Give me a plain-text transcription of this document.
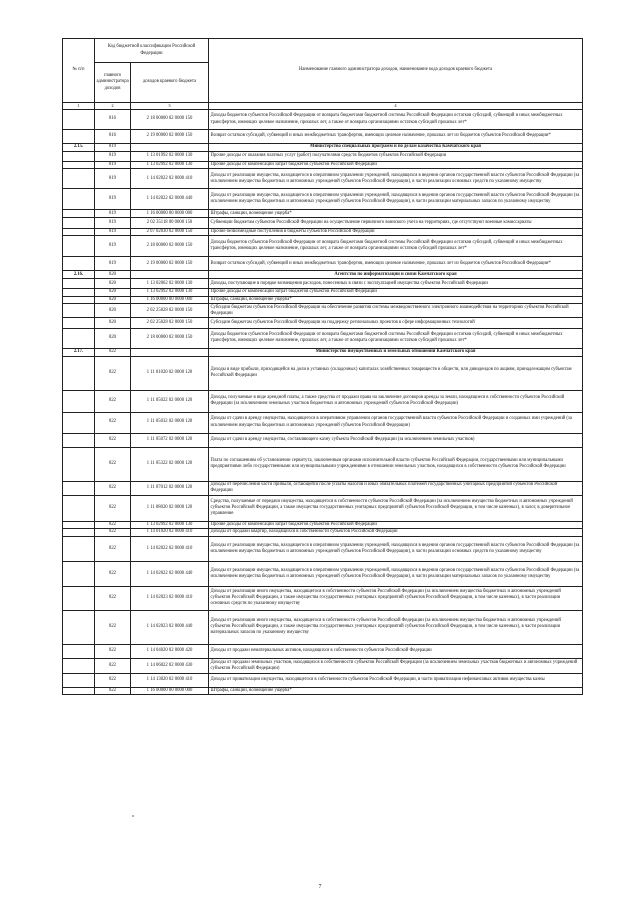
№ п/п	Код бюджетной классификации Российской Федерации		Наименование главного администратора доходов, наименование кода доходов краевого бюджета
	главного администратора доходов	доходов краевого бюджета	
1	2	3	4
	816	2 18 00000 02 0000 150	Доходы бюджетов субъектов Российской Федерации от возврата бюджетами бюджетной системы Российской Федерации остатков субсидий, субвенций и иных межбюджетных трансфертов, имеющих целевое назначение, прошлых лет, а также от возврата организациями остатков субсидий прошлых лет*
	816	2 19 00000 02 0000 150	Возврат остатков субсидий, субвенций и иных межбюджетных трансфертов, имеющих целевое назначение, прошлых лет из бюджетов субъектов Российской Федерации*
2.15.	819		Министерство специальных программ и по делам казачества Камчатского края
	819	1 13 01992 02 0000 130	Прочие доходы от оказания платных услуг (работ) получателями средств бюджетов субъектов Российской Федерации
	819	1 13 02992 02 0000 130	Прочие доходы от компенсации затрат бюджетов субъектов Российской Федерации
	819	1 14 02022 02 0000 410	Доходы от реализации имущества, находящегося в оперативном управлении учреждений, находящихся в ведении органов государственной власти субъектов Российской Федерации (за исключением имущества бюджетных и автономных учреждений субъектов Российской Федерации), в части реализации основных средств по указанному имуществу
	819	1 14 02022 02 0000 440	Доходы от реализации имущества, находящегося в оперативном управлении учреждений, находящихся в ведении органов государственной власти субъектов Российской Федерации (за исключением имущества бюджетных и автономных учреждений субъектов Российской Федерации), в части реализации материальных запасов по указанному имуществу
	819	1 16 00000 00 0000 000	Штрафы, санкции, возмещение ущерба*
	819	2 02 35118 00 0000 150	Субвенции бюджетам субъектов Российской Федерации на осуществление первичного воинского учета на территориях, где отсутствуют военные комиссариаты
	819	2 07 02030 02 0000 150	Прочие безвозмездные поступления в бюджеты субъектов Российской Федерации
	819	2 18 00000 02 0000 150	Доходы бюджетов субъектов Российской Федерации от возврата бюджетами бюджетной системы Российской Федерации остатков субсидий, субвенций и иных межбюджетных трансфертов, имеющих целевое назначение, прошлых лет, а также от возврата организациями остатков субсидий прошлых лет*
	819	2 19 00000 02 0000 150	Возврат остатков субсидий, субвенций и иных межбюджетных трансфертов, имеющих целевое назначение, прошлых лет из бюджетов субъектов Российской Федерации*
2.16.	820		Агентство по информатизации и связи Камчатского края
	820	1 13 02062 02 0000 130	Доходы, поступающие в порядке возмещения расходов, понесенных в связи с эксплуатацией имущества субъектов Российской Федерации
	820	1 13 02992 02 0000 130	Прочие доходы от компенсации затрат бюджетов субъектов Российской Федерации
	820	1 16 00000 00 0000 000	Штрафы, санкции, возмещение ущерба*
	820	2 02 25028 02 0000 150	Субсидии бюджетам субъектов Российской Федерации на обеспечение развития системы межведомственного электронного взаимодействия на территориях субъектов Российской Федерации
	820	2 02 25028 02 0000 150	Субсидии бюджетам субъектов Российской Федерации на поддержку региональных проектов в сфере информационных технологий
	820	2 18 00000 02 0000 150	Доходы бюджетов субъектов Российской Федерации от возврата бюджетами бюджетной системы Российской Федерации остатков субсидий, субвенций и иных межбюджетных трансфертов, имеющих целевое назначение, прошлых лет, а также от возврата организациями остатков субсидий прошлых лет*
2.17.	822		Министерство имущественных и земельных отношений Камчатского края
	822	1 11 01020 02 0000 120	Доходы в виде прибыли, приходящейся на доли в уставных (складочных) капиталах хозяйственных товариществ и обществ, или дивидендов по акциям, принадлежащим субъектам Российской Федерации
	822	1 11 05022 02 0000 120	Доходы, получаемые в виде арендной платы, а также средства от продажи права на заключение договоров аренды за земли, находящиеся в собственности субъектов Российской Федерации (за исключением земельных участков бюджетных и автономных учреждений субъектов Российской Федерации)
	822	1 11 05032 02 0000 120	Доходы от сдачи в аренду имущества, находящегося в оперативном управлении органов государственной власти субъектов Российской Федерации и созданных ими учреждений (за исключением имущества бюджетных и автономных учреждений субъектов Российской Федерации)
	822	1 11 05072 02 0000 120	Доходы от сдачи в аренду имущества, составляющего казну субъекта Российской Федерации (за исключением земельных участков)
	822	1 11 05322 02 0000 120	Плата по соглашениям об установлении сервитута, заключенным органами исполнительной власти субъектов Российской Федерации, государственными или муниципальными предприятиями либо государственными или муниципальными учреждениями в отношении земельных участков, находящихся в собственности субъектов Российской Федерации
	822	1 11 07012 02 0000 120	Доходы от перечисления части прибыли, остающейся после уплаты налогов и иных обязательных платежей государственных унитарных предприятий субъектов Российской Федерации
	822	1 11 08020 02 0000 120	Средства, получаемые от передачи имущества, находящегося в собственности субъектов Российской Федерации (за исключением имущества бюджетных и автономных учреждений субъектов Российской Федерации, а также имущества государственных унитарных предприятий субъектов Российской Федерации, в том числе казенных), в залог, в доверительное управление
	822	1 13 02992 02 0000 130	Прочие доходы от компенсации затрат бюджетов субъектов Российской Федерации
	822	1 14 01020 02 0000 410	Доходы от продажи квартир, находящихся в собственности субъектов Российской Федерации
	822	1 14 02022 02 0000 410	Доходы от реализации имущества, находящегося в оперативном управлении учреждений, находящихся в ведении органов государственной власти субъектов Российской Федерации (за исключением имущества бюджетных и автономных учреждений субъектов Российской Федерации), в части реализации основных средств по указанному имуществу
	822	1 14 02022 02 0000 440	Доходы от реализации имущества, находящегося в оперативном управлении учреждений, находящихся в ведении органов государственной власти субъектов Российской Федерации (за исключением имущества бюджетных и автономных учреждений субъектов Российской Федерации), в части реализации материальных запасов по указанному имуществу
	822	1 14 02023 02 0000 410	Доходы от реализации иного имущества, находящегося в собственности субъектов Российской Федерации (за исключением имущества бюджетных и автономных учреждений субъектов Российской Федерации, а также имущества государственных унитарных предприятий субъектов Российской Федерации, в том числе казенных), в части реализации основных средств по указанному имуществу
	822	1 14 02023 02 0000 440	Доходы от реализации иного имущества, находящегося в собственности субъектов Российской Федерации (за исключением имущества бюджетных и автономных учреждений субъектов Российской Федерации, а также имущества государственных унитарных предприятий субъектов Российской Федерации, в том числе казенных), в части реализации материальных запасов по указанному имуществу
	822	1 14 04020 02 0000 420	Доходы от продажи нематериальных активов, находящихся в собственности субъектов Российской Федерации
	822	1 14 06022 02 0000 430	Доходы от продажи земельных участков, находящихся в собственности субъектов Российской Федерации (за исключением земельных участков бюджетных и автономных учреждений субъектов Российской Федерации)
	822	1 14 13020 02 0000 410	Доходы от приватизации имущества, находящегося в собственности субъектов Российской Федерации, в части приватизации нефинансовых активов имущества казны
	822	1 16 00000 00 0000 000	Штрафы, санкции, возмещение ущерба*
7
